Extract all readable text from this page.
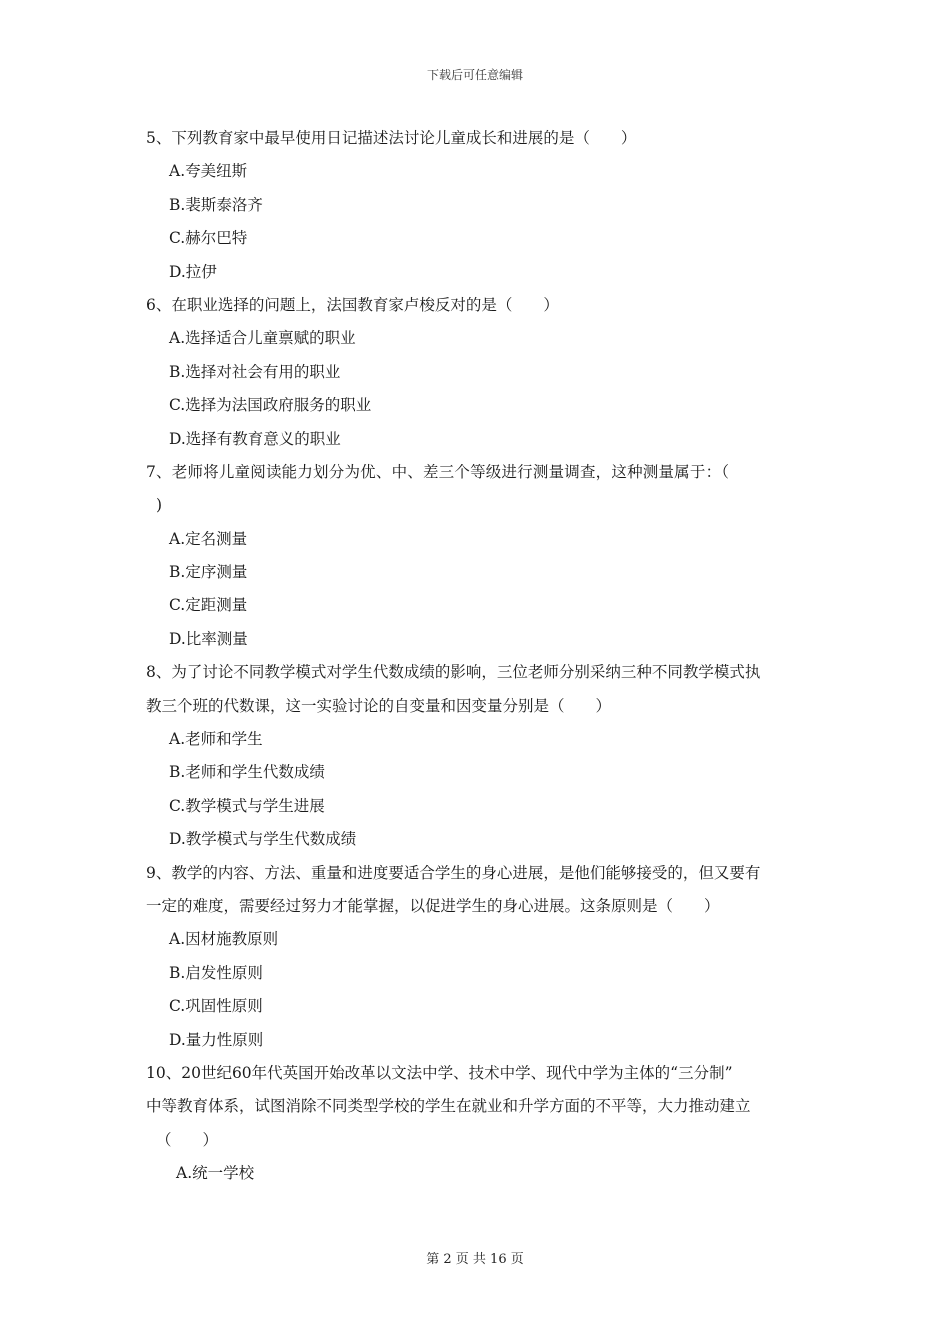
下载后可任意编辑
5、下列教育家中最早使用日记描述法讨论儿童成长和进展的是（　　）
A.夸美纽斯
B.裴斯泰洛齐
C.赫尔巴特
D.拉伊
6、在职业选择的问题上，法国教育家卢梭反对的是（　　）
A.选择适合儿童禀赋的职业
B.选择对社会有用的职业
C.选择为法国政府服务的职业
D.选择有教育意义的职业
7、老师将儿童阅读能力划分为优、中、差三个等级进行测量调查，这种测量属于：（
)
A.定名测量
B.定序测量
C.定距测量
D.比率测量
8、为了讨论不同教学模式对学生代数成绩的影响，三位老师分别采纳三种不同教学模式执
教三个班的代数课，这一实验讨论的自变量和因变量分别是（　　）
A.老师和学生
B.老师和学生代数成绩
C.教学模式与学生进展
D.教学模式与学生代数成绩
9、教学的内容、方法、重量和进度要适合学生的身心进展，是他们能够接受的，但又要有
一定的难度，需要经过努力才能掌握，以促进学生的身心进展。这条原则是（　　）
A.因材施教原则
B.启发性原则
C.巩固性原则
D.量力性原则
10、20世纪60年代英国开始改革以文法中学、技术中学、现代中学为主体的“三分制”
中等教育体系，试图消除不同类型学校的学生在就业和升学方面的不平等，大力推动建立
（　　）
A.统一学校
第 2 页 共 16 页
